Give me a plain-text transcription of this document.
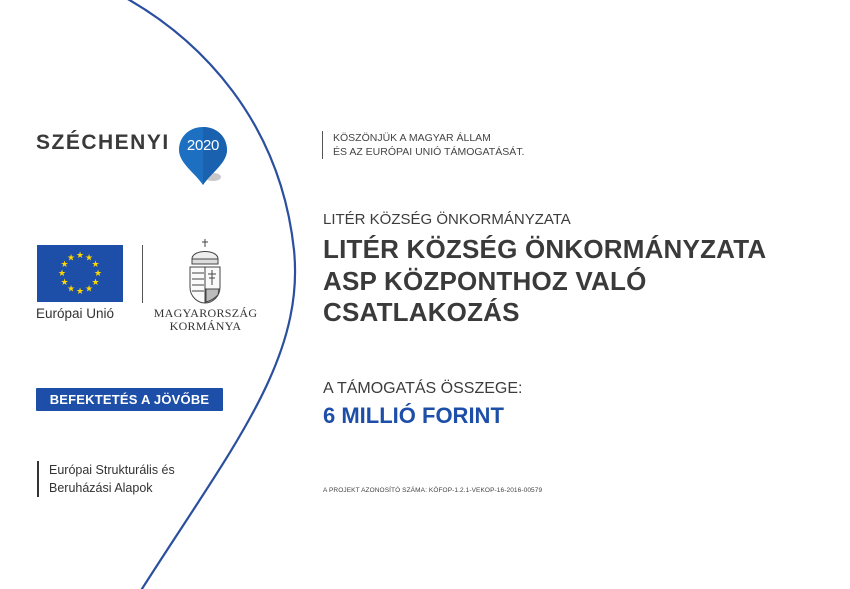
SZÉCHENYI	2020
★ ★
★
★
★
★
★
★
★
★
★
★
Európai Unió	MAGYARORSZÁG
KORMÁNYA
BEFEKTETÉS A JÖVŐBE
Európai Strukturális és
Beruházási Alapok
KÖSZÖNJÜK A MAGYAR ÁLLAM
ÉS AZ EURÓPAI UNIÓ TÁMOGATÁSÁT.
LITÉR KÖZSÉG ÖNKORMÁNYZATA
LITÉR KÖZSÉG ÖNKORMÁNYZATA
ASP KÖZPONTHOZ VALÓ
CSATLAKOZÁS
A TÁMOGATÁS ÖSSZEGE:
6 MILLIÓ FORINT
A PROJEKT AZONOSÍTÓ SZÁMA: KÖFOP-1.2.1-VEKOP-16-2016-00579
